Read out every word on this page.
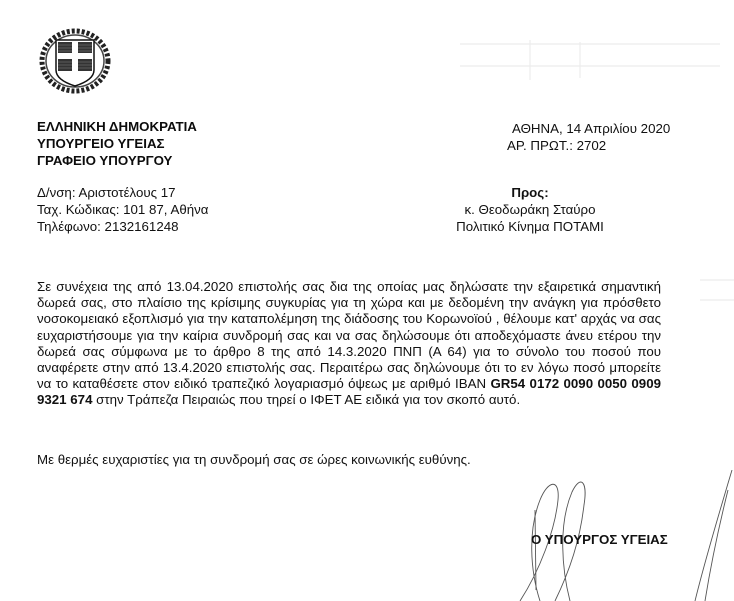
ΕΛΛΗΝΙΚΗ ΔΗΜΟΚΡΑΤΙΑ
ΥΠΟΥΡΓΕΙΟ ΥΓΕΙΑΣ
ΓΡΑΦΕΙΟ ΥΠΟΥΡΓΟΥ
Δ/νση: Αριστοτέλους 17
Ταχ. Κώδικας: 101 87, Αθήνα
Τηλέφωνο: 2132161248
ΑΘΗΝΑ, 14 Απριλίου 2020
ΑΡ. ΠΡΩΤ.: 2702
Προς:
κ. Θεοδωράκη Σταύρο
Πολιτικό Κίνημα ΠΟΤΑΜΙ

Σε συνέχεια της από 13.04.2020 επιστολής σας δια της οποίας μας δηλώσατε την εξαιρετικά σημαντική δωρεά σας, στο πλαίσιο της κρίσιμης συγκυρίας για τη χώρα και με δεδομένη την ανάγκη για πρόσθετο νοσοκομειακό εξοπλισμό για την καταπολέμηση της διάδοσης του Κορωνοϊού , θέλουμε κατ' αρχάς να σας ευχαριστήσουμε για την καίρια συνδρομή σας και να σας δηλώσουμε ότι αποδεχόμαστε άνευ ετέρου την δωρεά σας σύμφωνα με το άρθρο 8 της από 14.3.2020 ΠΝΠ (Α 64) για το σύνολο του ποσού που αναφέρετε στην από 13.4.2020 επιστολής σας. Περαιτέρω σας δηλώνουμε ότι το εν λόγω ποσό μπορείτε να το καταθέσετε στον ειδικό τραπεζικό λογαριασμό όψεως με αριθμό IBAN GR54 0172 0090 0050 0909 9321 674 στην Τράπεζα Πειραιώς που τηρεί ο ΙΦΕΤ ΑΕ ειδικά για τον σκοπό αυτό.

Με θερμές ευχαριστίες για τη συνδρομή σας σε ώρες κοινωνικής ευθύνης.
Ο ΥΠΟΥΡΓΟΣ ΥΓΕΙΑΣ
